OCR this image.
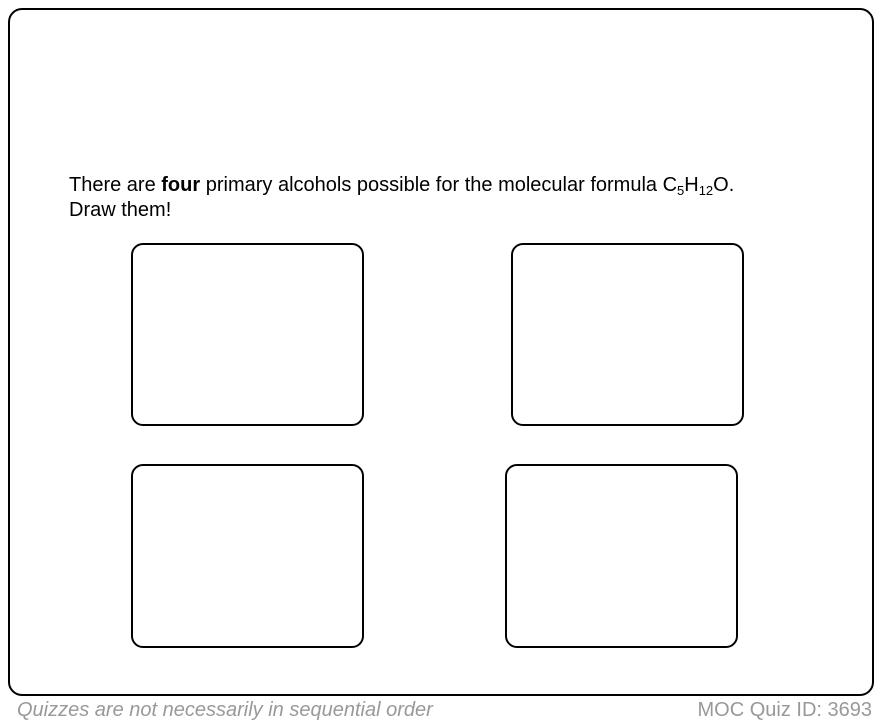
There are four primary alcohols possible for the molecular formula $C_5H_{12}O$.
Draw them!
Quizzes are not necessarily in sequential order	MOC Quiz ID: 3693
